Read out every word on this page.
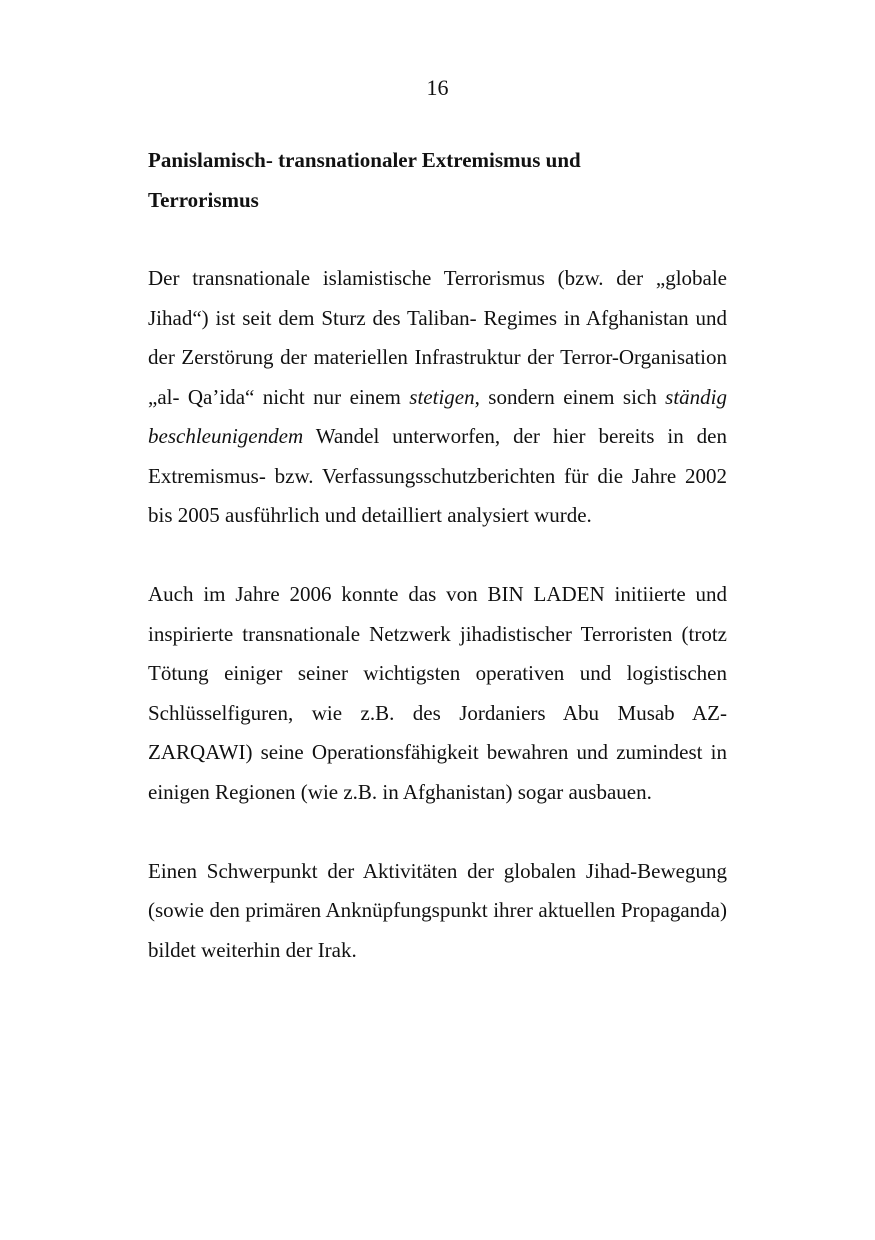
16
Panislamisch- transnationaler Extremismus und
Terrorismus

Der transnationale islamistische Terrorismus (bzw. der „globale Jihad“) ist seit dem Sturz des Taliban- Regimes in Afghanistan und der Zerstörung der materiellen Infrastruktur der Terror-Organisation „al- Qa’ida“ nicht nur einem stetigen, sondern einem sich ständig beschleunigendem Wandel unterworfen, der hier bereits in den Extremismus- bzw. Verfassungsschutzberichten für die Jahre 2002 bis 2005 ausführlich und detailliert analysiert wurde.

Auch im Jahre 2006 konnte das von BIN LADEN initiierte und inspirierte transnationale Netzwerk jihadistischer Terroristen (trotz Tötung einiger seiner wichtigsten operativen und logistischen Schlüsselfiguren, wie z.B. des Jordaniers Abu Musab AZ-ZARQAWI) seine Operationsfähigkeit bewahren und zumindest in einigen Regionen (wie z.B. in Afghanistan) sogar ausbauen.

Einen Schwerpunkt der Aktivitäten der globalen Jihad-Bewegung (sowie den primären Anknüpfungspunkt ihrer aktuellen Propaganda) bildet weiterhin der Irak.
